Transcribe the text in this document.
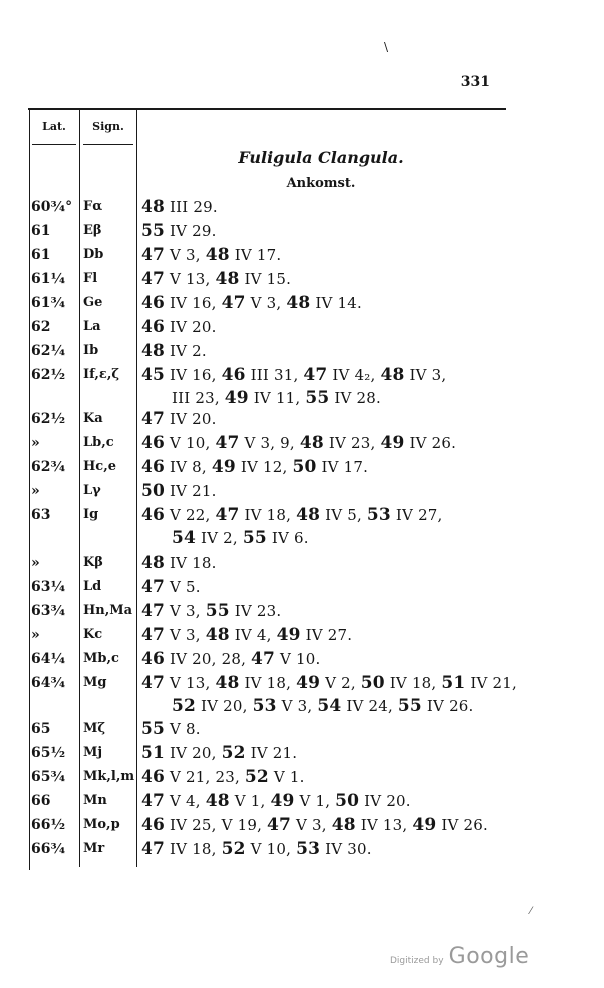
\
331
Lat.	Sign.
Fuligula Clangula.
Ankomst.
60¾° Fα	48 III 29.
61	Eβ	55 IV 29.
61	Db	47 V 3, 48 IV 17.
61¼	Fl	47 V 13, 48 IV 15.
61¾	Ge	46 IV 16, 47 V 3, 48 IV 14.
62	La	46 IV 20.
62¼	Ib	48 IV 2.
62½	If,ε,ζ	45 IV 16, 46 III 31, 47 IV 4₂, 48 IV 3,
III 23, 49 IV 11, 55 IV 28.
62½	Ka	47 IV 20.
»	Lb,c	46 V 10, 47 V 3, 9, 48 IV 23, 49 IV 26.
62¾	Hc,e	46 IV 8, 49 IV 12, 50 IV 17.
»	Lγ	50 IV 21.
63	Ig	46 V 22, 47 IV 18, 48 IV 5, 53 IV 27,
54 IV 2, 55 IV 6.
»	Kβ	48 IV 18.
63¼	Ld	47 V 5.
63¾	Hn,Ma 47 V 3, 55 IV 23.
»	Kc	47 V 3, 48 IV 4, 49 IV 27.
64¼	Mb,c	46 IV 20, 28, 47 V 10.
64¾	Mg	47 V 13, 48 IV 18, 49 V 2, 50 IV 18, 51 IV 21,
52 IV 20, 53 V 3, 54 IV 24, 55 IV 26.
65	Mζ	55 V 8.
65½	Mj	51 IV 20, 52 IV 21.
65¾	Mk,l,m 46 V 21, 23, 52 V 1.
66	Mn	47 V 4, 48 V 1, 49 V 1, 50 IV 20.
66½	Mo,p	46 IV 25, V 19, 47 V 3, 48 IV 13, 49 IV 26.
66¾	Mr	47 IV 18, 52 V 10, 53 IV 30.
⁄
Digitized by Google
